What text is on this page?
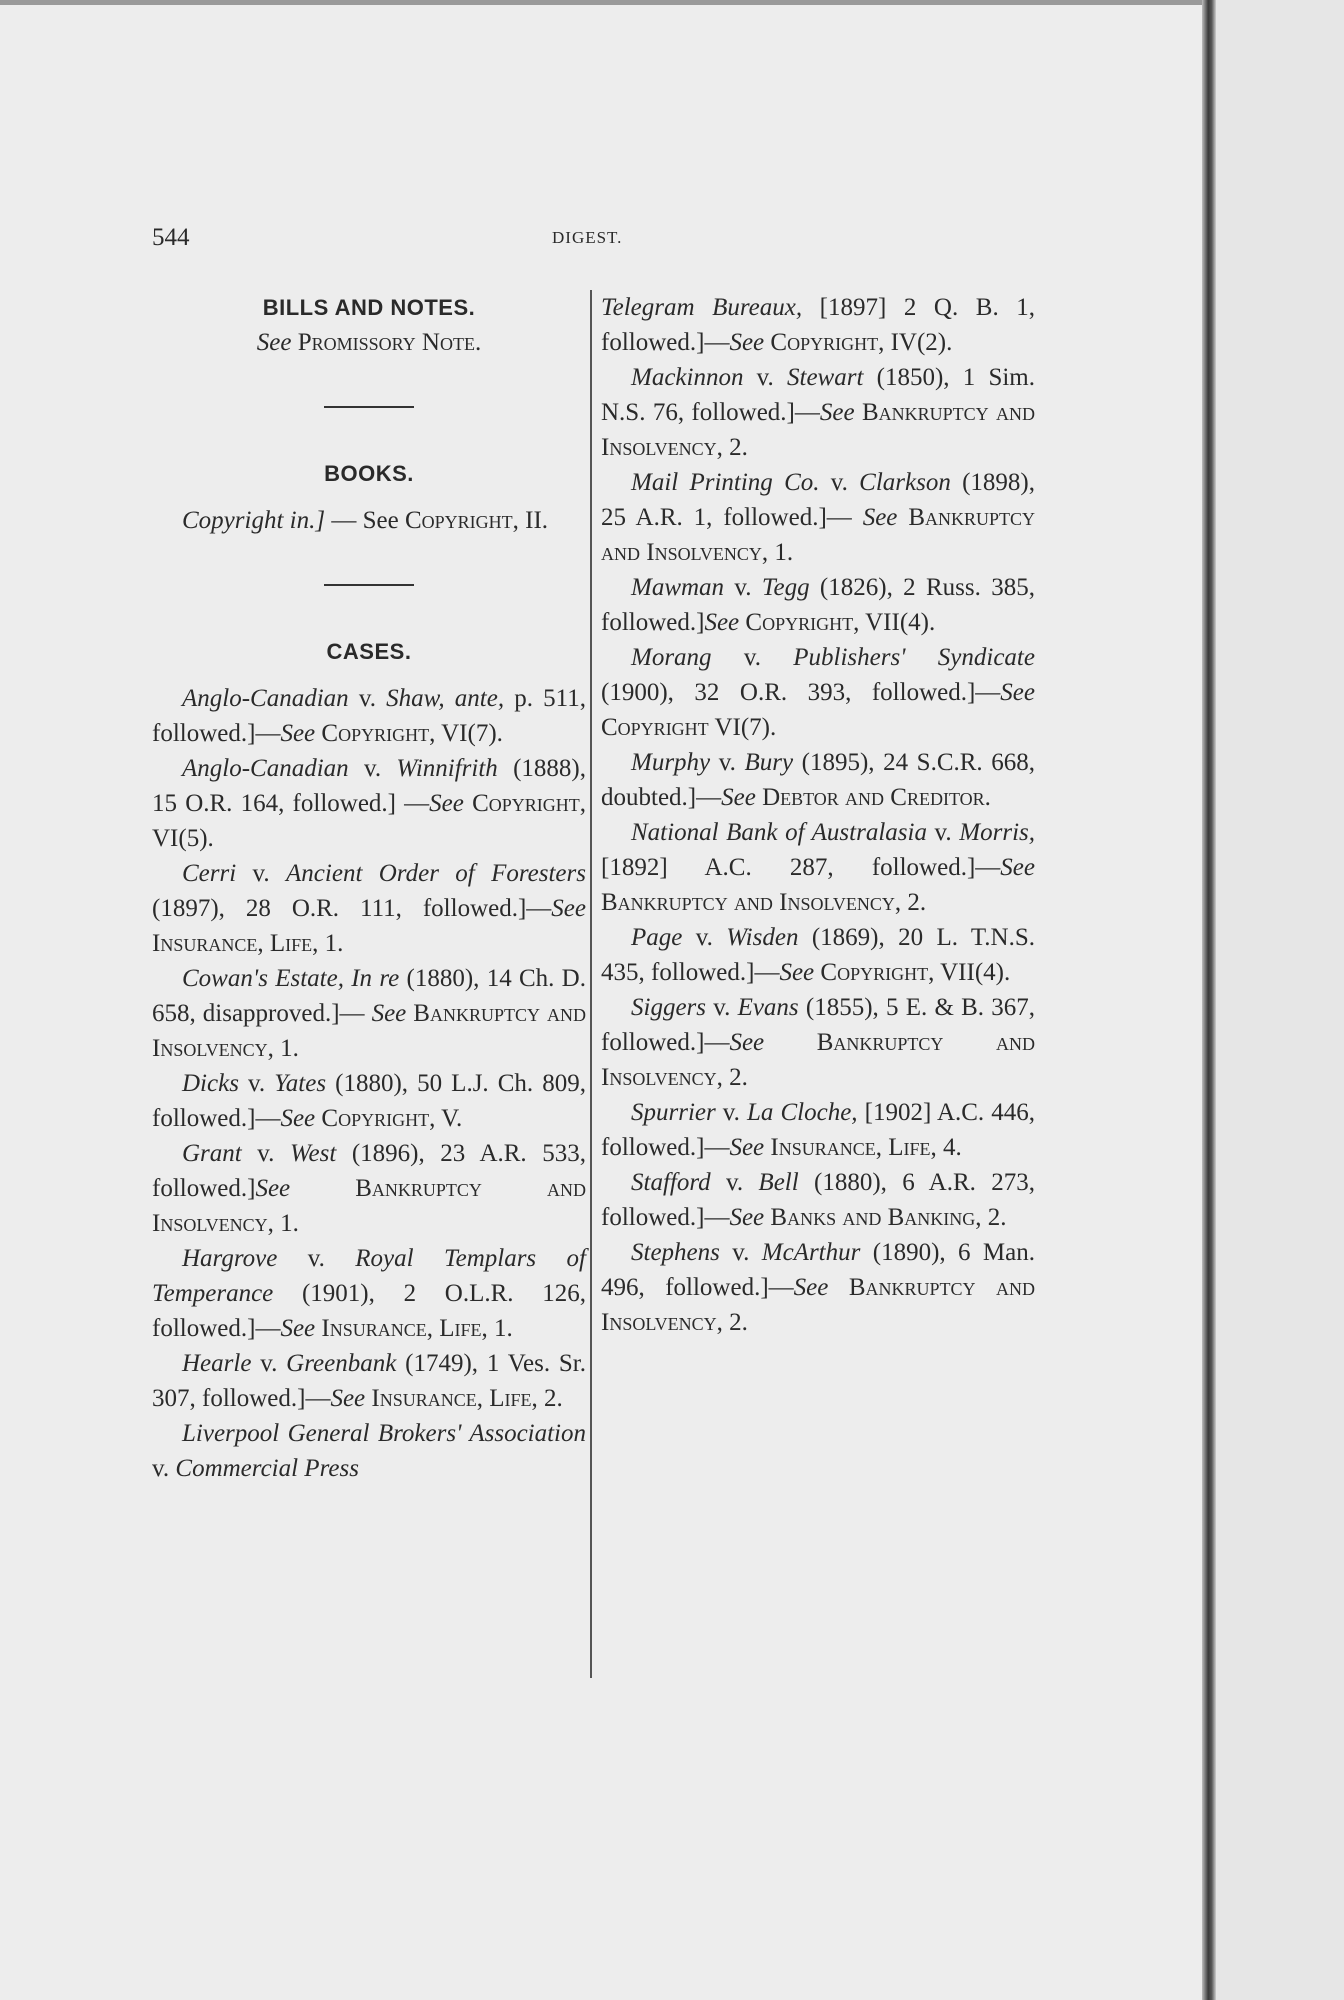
544	DIGEST.

BILLS AND NOTES.

See Promissory Note.

BOOKS.

Copyright in.] — See Copyright, II.

CASES.

Anglo-Canadian v. Shaw, ante, p. 511, followed.]—See Copyright, VI(7).

Anglo-Canadian v. Winnifrith (1888), 15 O.R. 164, followed.] —See Copyright, VI(5).

Cerri v. Ancient Order of Foresters (1897), 28 O.R. 111, followed.]—See Insurance, Life, 1.

Cowan's Estate, In re (1880), 14 Ch. D. 658, disapproved.]— See Bankruptcy and Insolvency, 1.

Dicks v. Yates (1880), 50 L.J. Ch. 809, followed.]—See Copyright, V.

Grant v. West (1896), 23 A.R. 533, followed.]See Bankruptcy and Insolvency, 1.

Hargrove v. Royal Templars of Temperance (1901), 2 O.L.R. 126, followed.]—See Insurance, Life, 1.

Hearle v. Greenbank (1749), 1 Ves. Sr. 307, followed.]—See Insurance, Life, 2.

Liverpool General Brokers' Association v. Commercial Press

Telegram Bureaux, [1897] 2 Q. B. 1, followed.]—See Copyright, IV(2).

Mackinnon v. Stewart (1850), 1 Sim. N.S. 76, followed.]—See Bankruptcy and Insolvency, 2.

Mail Printing Co. v. Clarkson (1898), 25 A.R. 1, followed.]— See Bankruptcy and Insolvency, 1.

Mawman v. Tegg (1826), 2 Russ. 385, followed.]See Copyright, VII(4).

Morang v. Publishers' Syndicate (1900), 32 O.R. 393, followed.]—See Copyright VI(7).

Murphy v. Bury (1895), 24 S.C.R. 668, doubted.]—See Debtor and Creditor.

National Bank of Australasia v. Morris, [1892] A.C. 287, followed.]—See Bankruptcy and Insolvency, 2.

Page v. Wisden (1869), 20 L. T.N.S. 435, followed.]—See Copyright, VII(4).

Siggers v. Evans (1855), 5 E. & B. 367, followed.]—See Bankruptcy and Insolvency, 2.

Spurrier v. La Cloche, [1902] A.C. 446, followed.]—See Insurance, Life, 4.

Stafford v. Bell (1880), 6 A.R. 273, followed.]—See Banks and Banking, 2.

Stephens v. McArthur (1890), 6 Man. 496, followed.]—See Bankruptcy and Insolvency, 2.
